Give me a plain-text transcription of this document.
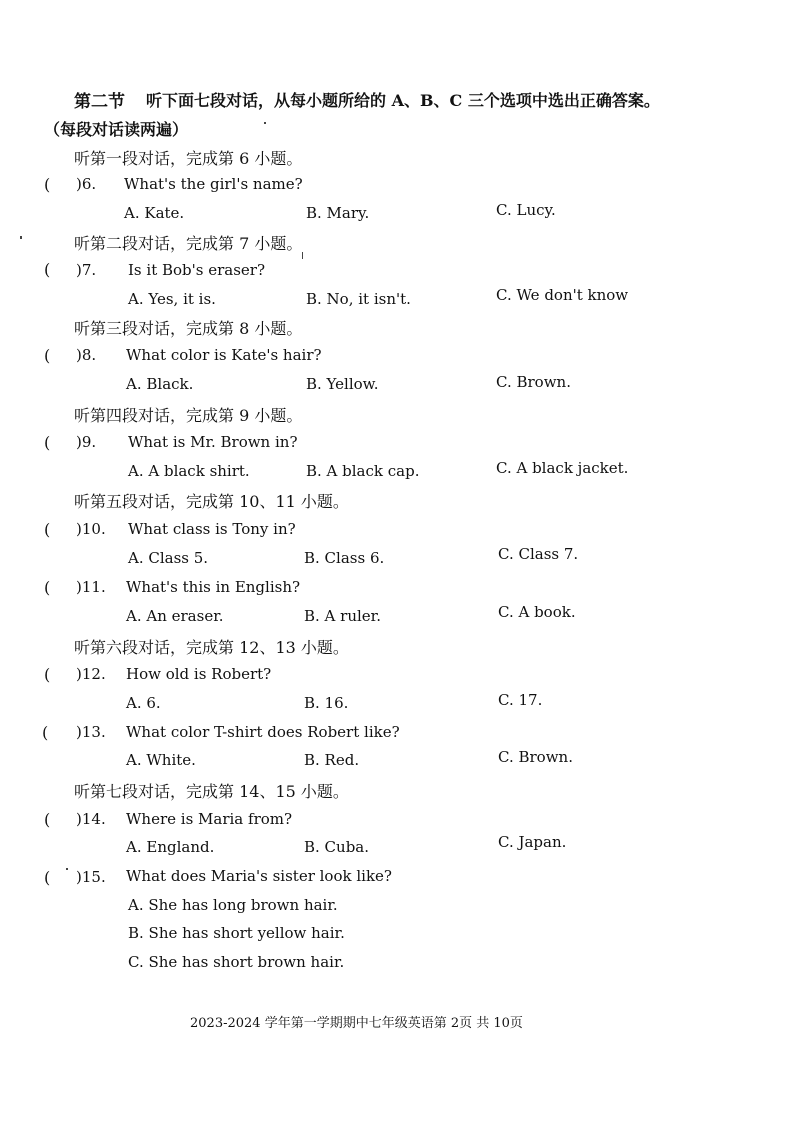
第二节 听下面七段对话，从每小题所给的 A、B、C 三个选项中选出正确答案。
（每段对话读两遍）
听第一段对话，完成第 6 小题。
( )6. What's the girl's name?
A. Kate.	B. Mary.	C. Lucy.
听第二段对话，完成第 7 小题。
( )7. Is it Bob's eraser?
A. Yes, it is.	B. No, it isn't.	C. We don't know
听第三段对话，完成第 8 小题。
( )8. What color is Kate's hair?
A. Black.	B. Yellow.	C. Brown.
听第四段对话，完成第 9 小题。
( )9. What is Mr. Brown in?
A. A black shirt.	B. A black cap.	C. A black jacket.
听第五段对话，完成第 10、11 小题。
( )10. What class is Tony in?
A. Class 5.	B. Class 6.	C. Class 7.
( )11. What's this in English?
A. An eraser.	B. A ruler.	C. A book.
听第六段对话，完成第 12、13 小题。
( )12. How old is Robert?
A. 6.	B. 16.	C. 17.
( )13. What color T-shirt does Robert like?
A. White.	B. Red.	C. Brown.
听第七段对话，完成第 14、15 小题。
( )14. Where is Maria from?
A. England.	B. Cuba.	C. Japan.
( )15. What does Maria's sister look like?
A. She has long brown hair.
B. She has short yellow hair.
C. She has short brown hair.
2023-2024 学年第一学期期中七年级英语第 2页 共 10页
